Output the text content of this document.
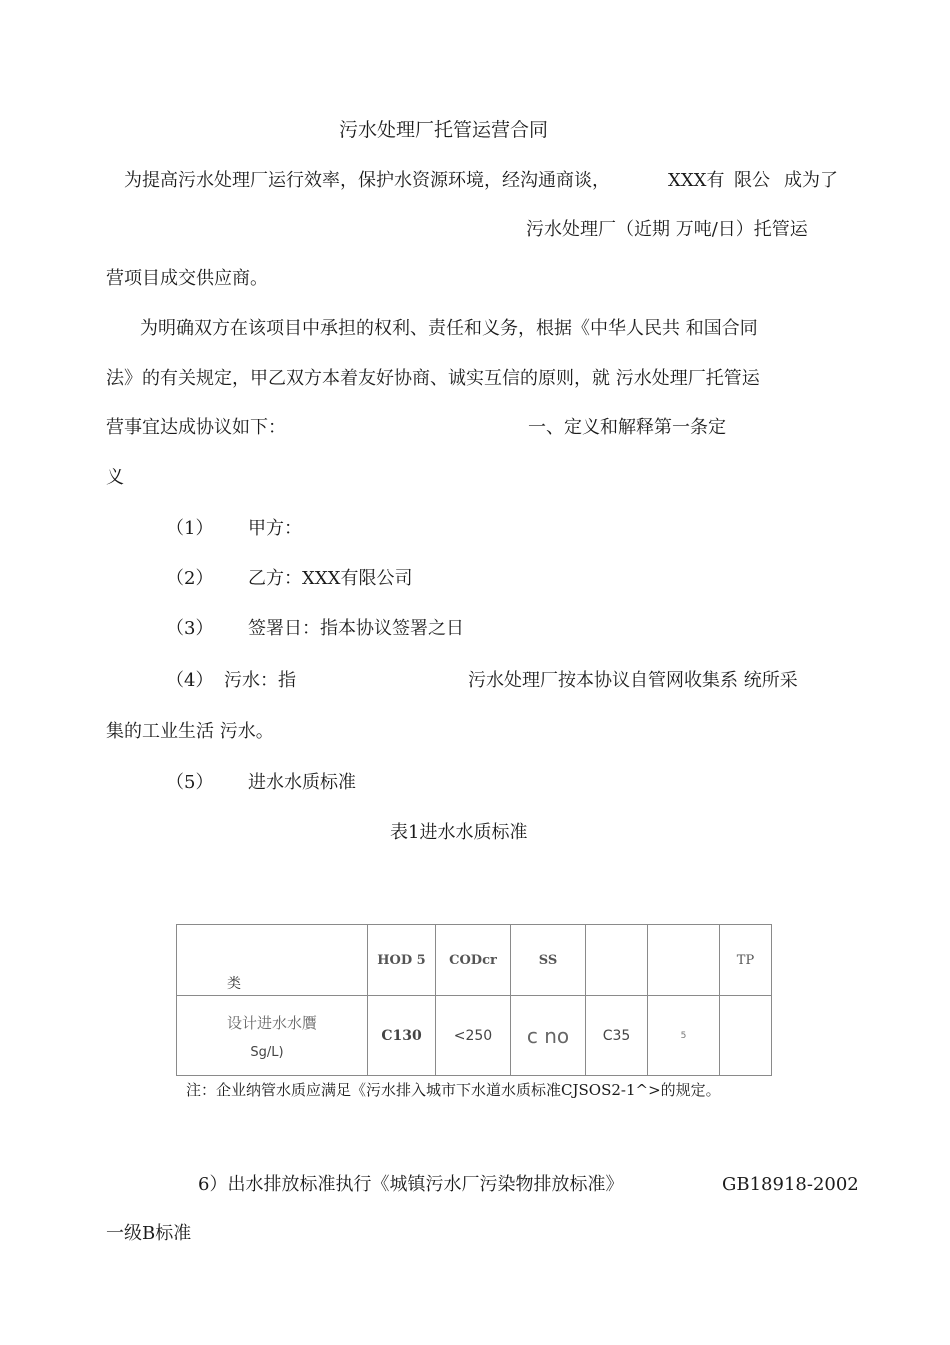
污水处理厂托管运营合同
为提高污水处理厂运行效率，保护水资源环境，经沟通商谈，	XXX有 限公 成为了
污水处理厂（近期 万吨/日）托管运
营项目成交供应商。
为明确双方在该项目中承担的权利、责任和义务，根据《中华人民共 和国合同
法》的有关规定，甲乙双方本着友好协商、诚实互信的原则，就 污水处理厂托管运
营事宜达成协议如下：	一、定义和解释第一条定
义
（1） 甲方：
（2） 乙方：XXX有限公司
（3） 签署日：指本协议签署之日
（4） 污水：指	污水处理厂按本协议自管网收集系 统所采
集的工业生活 污水。
（5） 进水水质标准
表1进水水质标准
类	HOD 5	CODcr	SS			TP

设计进水水贋
Sg/L)	C130	<250	c no	C35	5	
注：企业纳管水质应满足《污水排入城市下水道水质标准CJSOS2-1^>的规定。
6）出水排放标准执行《城镇污水厂污染物排放标准》	GB18918-2002
一级B标准
